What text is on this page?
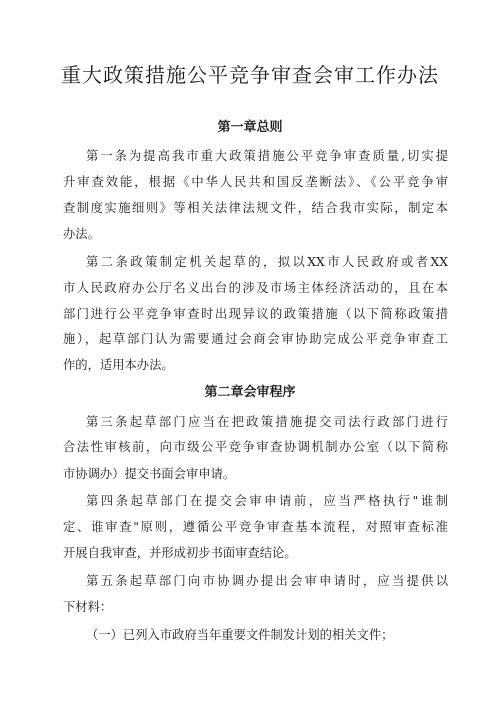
重大政策措施公平竞争审查会审工作办法
第一章总则
第一条为提高我市重大政策措施公平竞争审查质量,切实提
升审查效能，根据《中华人民共和国反垄断法》、《公平竞争审
查制度实施细则》等相关法律法规文件，结合我市实际，制定本
办法。
第二条政策制定机关起草的，拟以XX市人民政府或者XX
市人民政府办公厅名义出台的涉及市场主体经济活动的，且在本
部门进行公平竞争审查时出现异议的政策措施（以下简称政策措
施），起草部门认为需要通过会商会审协助完成公平竞争审查工
作的，适用本办法。
第二章会审程序
第三条起草部门应当在把政策措施提交司法行政部门进行
合法性审核前，向市级公平竞争审查协调机制办公室（以下简称
市协调办）提交书面会审申请。
第四条起草部门在提交会审申请前，应当严格执行"谁制
定、谁审查"原则，遵循公平竞争审查基本流程，对照审查标准
开展自我审查，并形成初步书面审查结论。
第五条起草部门向市协调办提出会审申请时，应当提供以
下材料：
（一）已列入市政府当年重要文件制发计划的相关文件；
